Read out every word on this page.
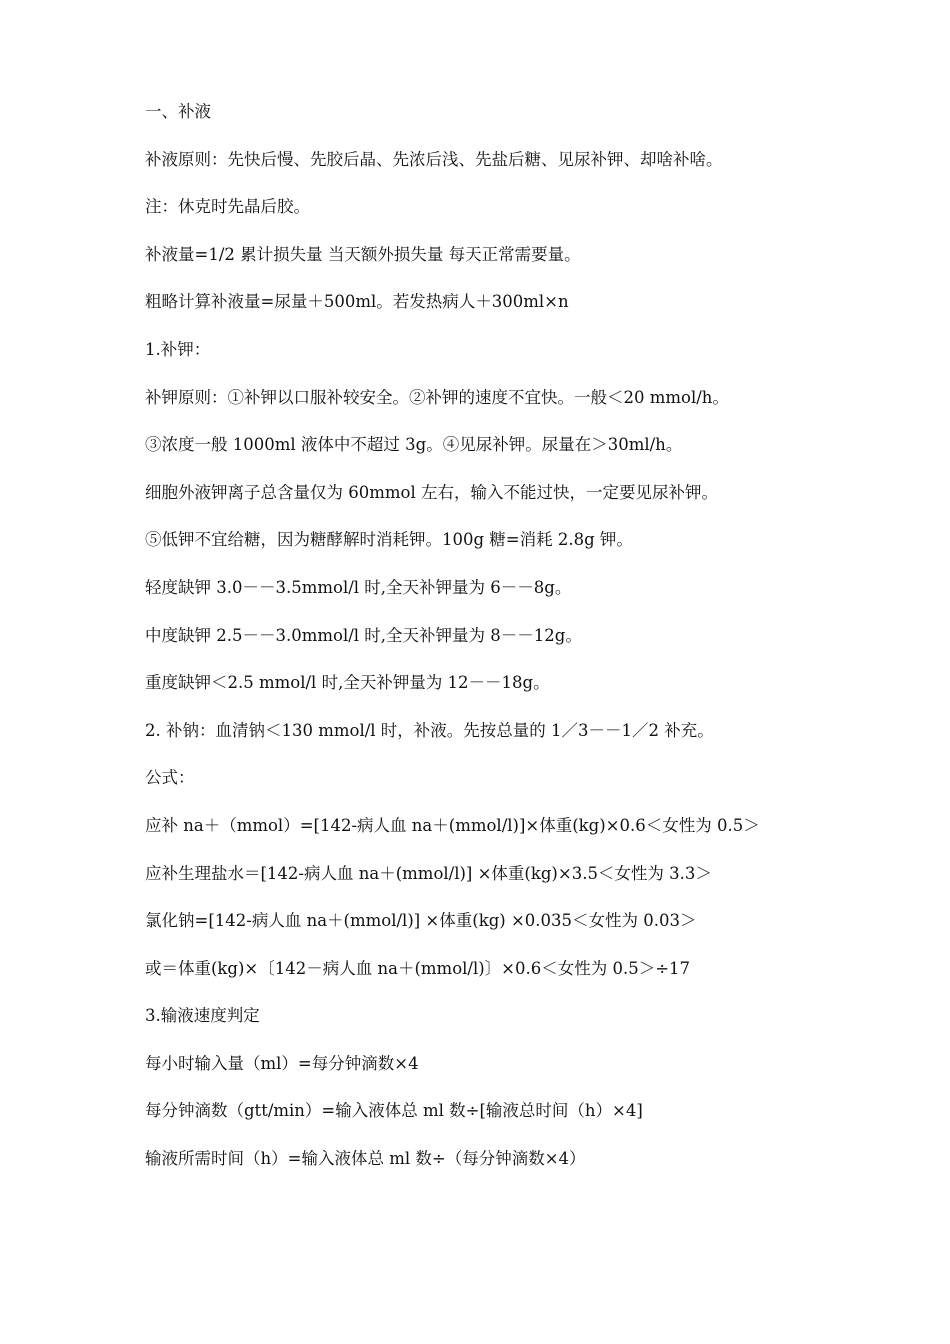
一、补液

补液原则：先快后慢、先胶后晶、先浓后浅、先盐后糖、见尿补钾、却啥补啥。

注：休克时先晶后胶。

补液量=1/2 累计损失量 当天额外损失量 每天正常需要量。

粗略计算补液量=尿量＋500ml。若发热病人＋300ml×n

1.补钾：

补钾原则：①补钾以口服补较安全。②补钾的速度不宜快。一般＜20 mmol/h。

③浓度一般 1000ml 液体中不超过 3g。④见尿补钾。尿量在＞30ml/h。

细胞外液钾离子总含量仅为 60mmol 左右，输入不能过快，一定要见尿补钾。

⑤低钾不宜给糖，因为糖酵解时消耗钾。100g 糖=消耗 2.8g 钾。

轻度缺钾 3.0－－3.5mmol/l 时,全天补钾量为 6－－8g。

中度缺钾 2.5－－3.0mmol/l 时,全天补钾量为 8－－12g。

重度缺钾＜2.5 mmol/l 时,全天补钾量为 12－－18g。

2. 补钠：血清钠＜130 mmol/l 时，补液。先按总量的 1／3－－1／2 补充。

公式：

应补 na＋（mmol）=[142-病人血 na＋(mmol/l)]×体重(kg)×0.6＜女性为 0.5＞

应补生理盐水＝[142-病人血 na＋(mmol/l)] ×体重(kg)×3.5＜女性为 3.3＞

氯化钠=[142-病人血 na＋(mmol/l)] ×体重(kg) ×0.035＜女性为 0.03＞

或＝体重(kg)×〔142－病人血 na＋(mmol/l)〕×0.6＜女性为 0.5＞÷17

3.输液速度判定

每小时输入量（ml）=每分钟滴数×4

每分钟滴数（gtt/min）=输入液体总 ml 数÷[输液总时间（h）×4]

输液所需时间（h）=输入液体总 ml 数÷（每分钟滴数×4）
